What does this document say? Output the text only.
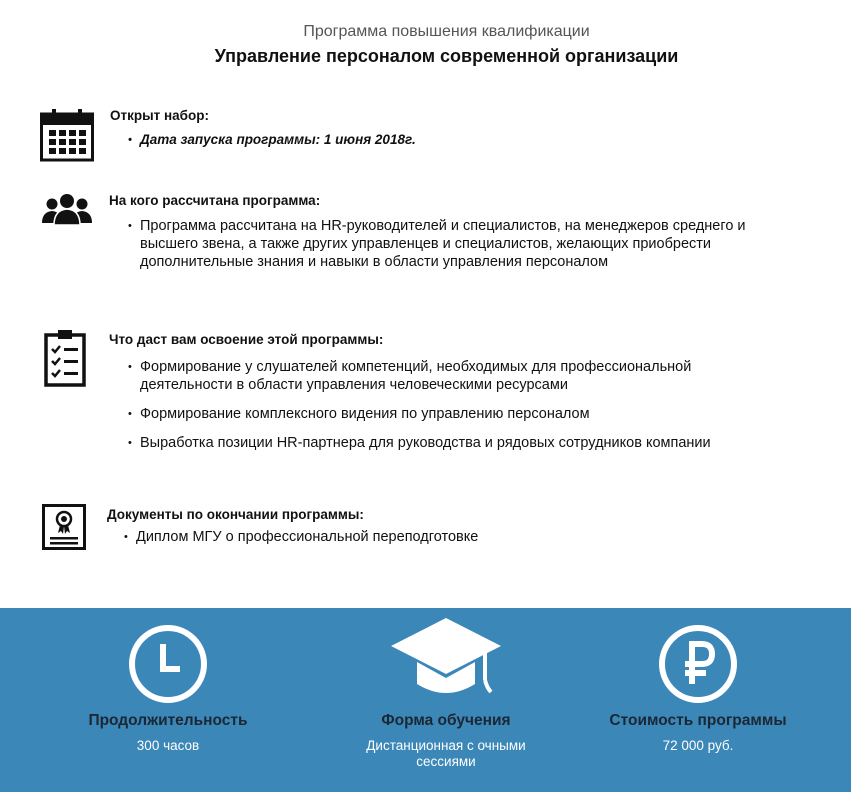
Программа повышения квалификации
Управление персоналом современной организации
Открыт набор:
• Дата запуска программы: 1 июня 2018г.
На кого рассчитана программа:
• Программа рассчитана на HR-руководителей и специалистов, на менеджеров среднего и высшего звена, а также других управленцев и специалистов, желающих приобрести дополнительные знания и навыки в области управления персоналом
Что даст вам освоение этой программы:
• Формирование у слушателей компетенций, необходимых для профессиональной деятельности в области управления человеческими ресурсами
• Формирование комплексного видения по управлению персоналом
• Выработка позиции HR-партнера для руководства и рядовых сотрудников компании
Документы по окончании программы:
• Диплом МГУ о профессиональной переподготовке
Продолжительность
300 часов
Форма обучения
Дистанционная с очными сессиями
Стоимость программы
72 000 руб.
